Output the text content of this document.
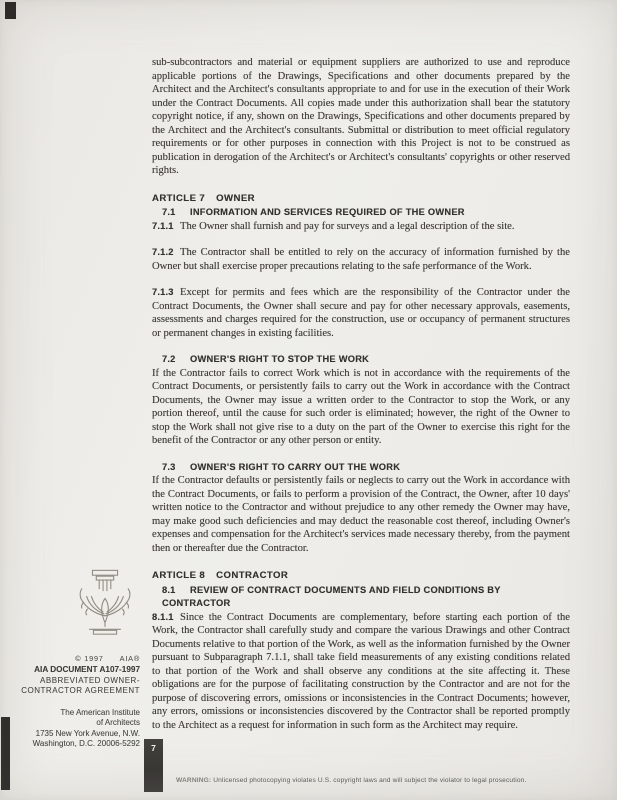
sub-subcontractors and material or equipment suppliers are authorized to use and reproduce applicable portions of the Drawings, Specifications and other documents prepared by the Architect and the Architect's consultants appropriate to and for use in the execution of their Work under the Contract Documents. All copies made under this authorization shall bear the statutory copyright notice, if any, shown on the Drawings, Specifications and other documents prepared by the Architect and the Architect's consultants. Submittal or distribution to meet official regulatory requirements or for other purposes in connection with this Project is not to be construed as publication in derogation of the Architect's or Architect's consultants' copyrights or other reserved rights.

ARTICLE 7 OWNER
7.1 INFORMATION AND SERVICES REQUIRED OF THE OWNER

7.1.1 The Owner shall furnish and pay for surveys and a legal description of the site.

7.1.2 The Contractor shall be entitled to rely on the accuracy of information furnished by the Owner but shall exercise proper precautions relating to the safe performance of the Work.

7.1.3 Except for permits and fees which are the responsibility of the Contractor under the Contract Documents, the Owner shall secure and pay for other necessary approvals, easements, assessments and charges required for the construction, use or occupancy of permanent structures or permanent changes in existing facilities.

7.2 OWNER'S RIGHT TO STOP THE WORK

If the Contractor fails to correct Work which is not in accordance with the requirements of the Contract Documents, or persistently fails to carry out the Work in accordance with the Contract Documents, the Owner may issue a written order to the Contractor to stop the Work, or any portion thereof, until the cause for such order is eliminated; however, the right of the Owner to stop the Work shall not give rise to a duty on the part of the Owner to exercise this right for the benefit of the Contractor or any other person or entity.

7.3 OWNER'S RIGHT TO CARRY OUT THE WORK

If the Contractor defaults or persistently fails or neglects to carry out the Work in accordance with the Contract Documents, or fails to perform a provision of the Contract, the Owner, after 10 days' written notice to the Contractor and without prejudice to any other remedy the Owner may have, may make good such deficiencies and may deduct the reasonable cost thereof, including Owner's expenses and compensation for the Architect's services made necessary thereby, from the payment then or thereafter due the Contractor.

ARTICLE 8 CONTRACTOR
8.1 REVIEW OF CONTRACT DOCUMENTS AND FIELD CONDITIONS BY CONTRACTOR

8.1.1 Since the Contract Documents are complementary, before starting each portion of the Work, the Contractor shall carefully study and compare the various Drawings and other Contract Documents relative to that portion of the Work, as well as the information furnished by the Owner pursuant to Subparagraph 7.1.1, shall take field measurements of any existing conditions related to that portion of the Work and shall observe any conditions at the site affecting it. These obligations are for the purpose of facilitating construction by the Contractor and are not for the purpose of discovering errors, omissions or inconsistencies in the Contract Documents; however, any errors, omissions or inconsistencies discovered by the Contractor shall be reported promptly to the Architect as a request for information in such form as the Architect may require.

© 1997 AIA®
AIA DOCUMENT A107-1997
ABBREVIATED OWNER-
CONTRACTOR AGREEMENT
The American Institute
of Architects
1735 New York Avenue, N.W.
Washington, D.C. 20006-5292	7
WARNING: Unlicensed photocopying violates U.S. copyright laws and will subject the violator to legal prosecution.
